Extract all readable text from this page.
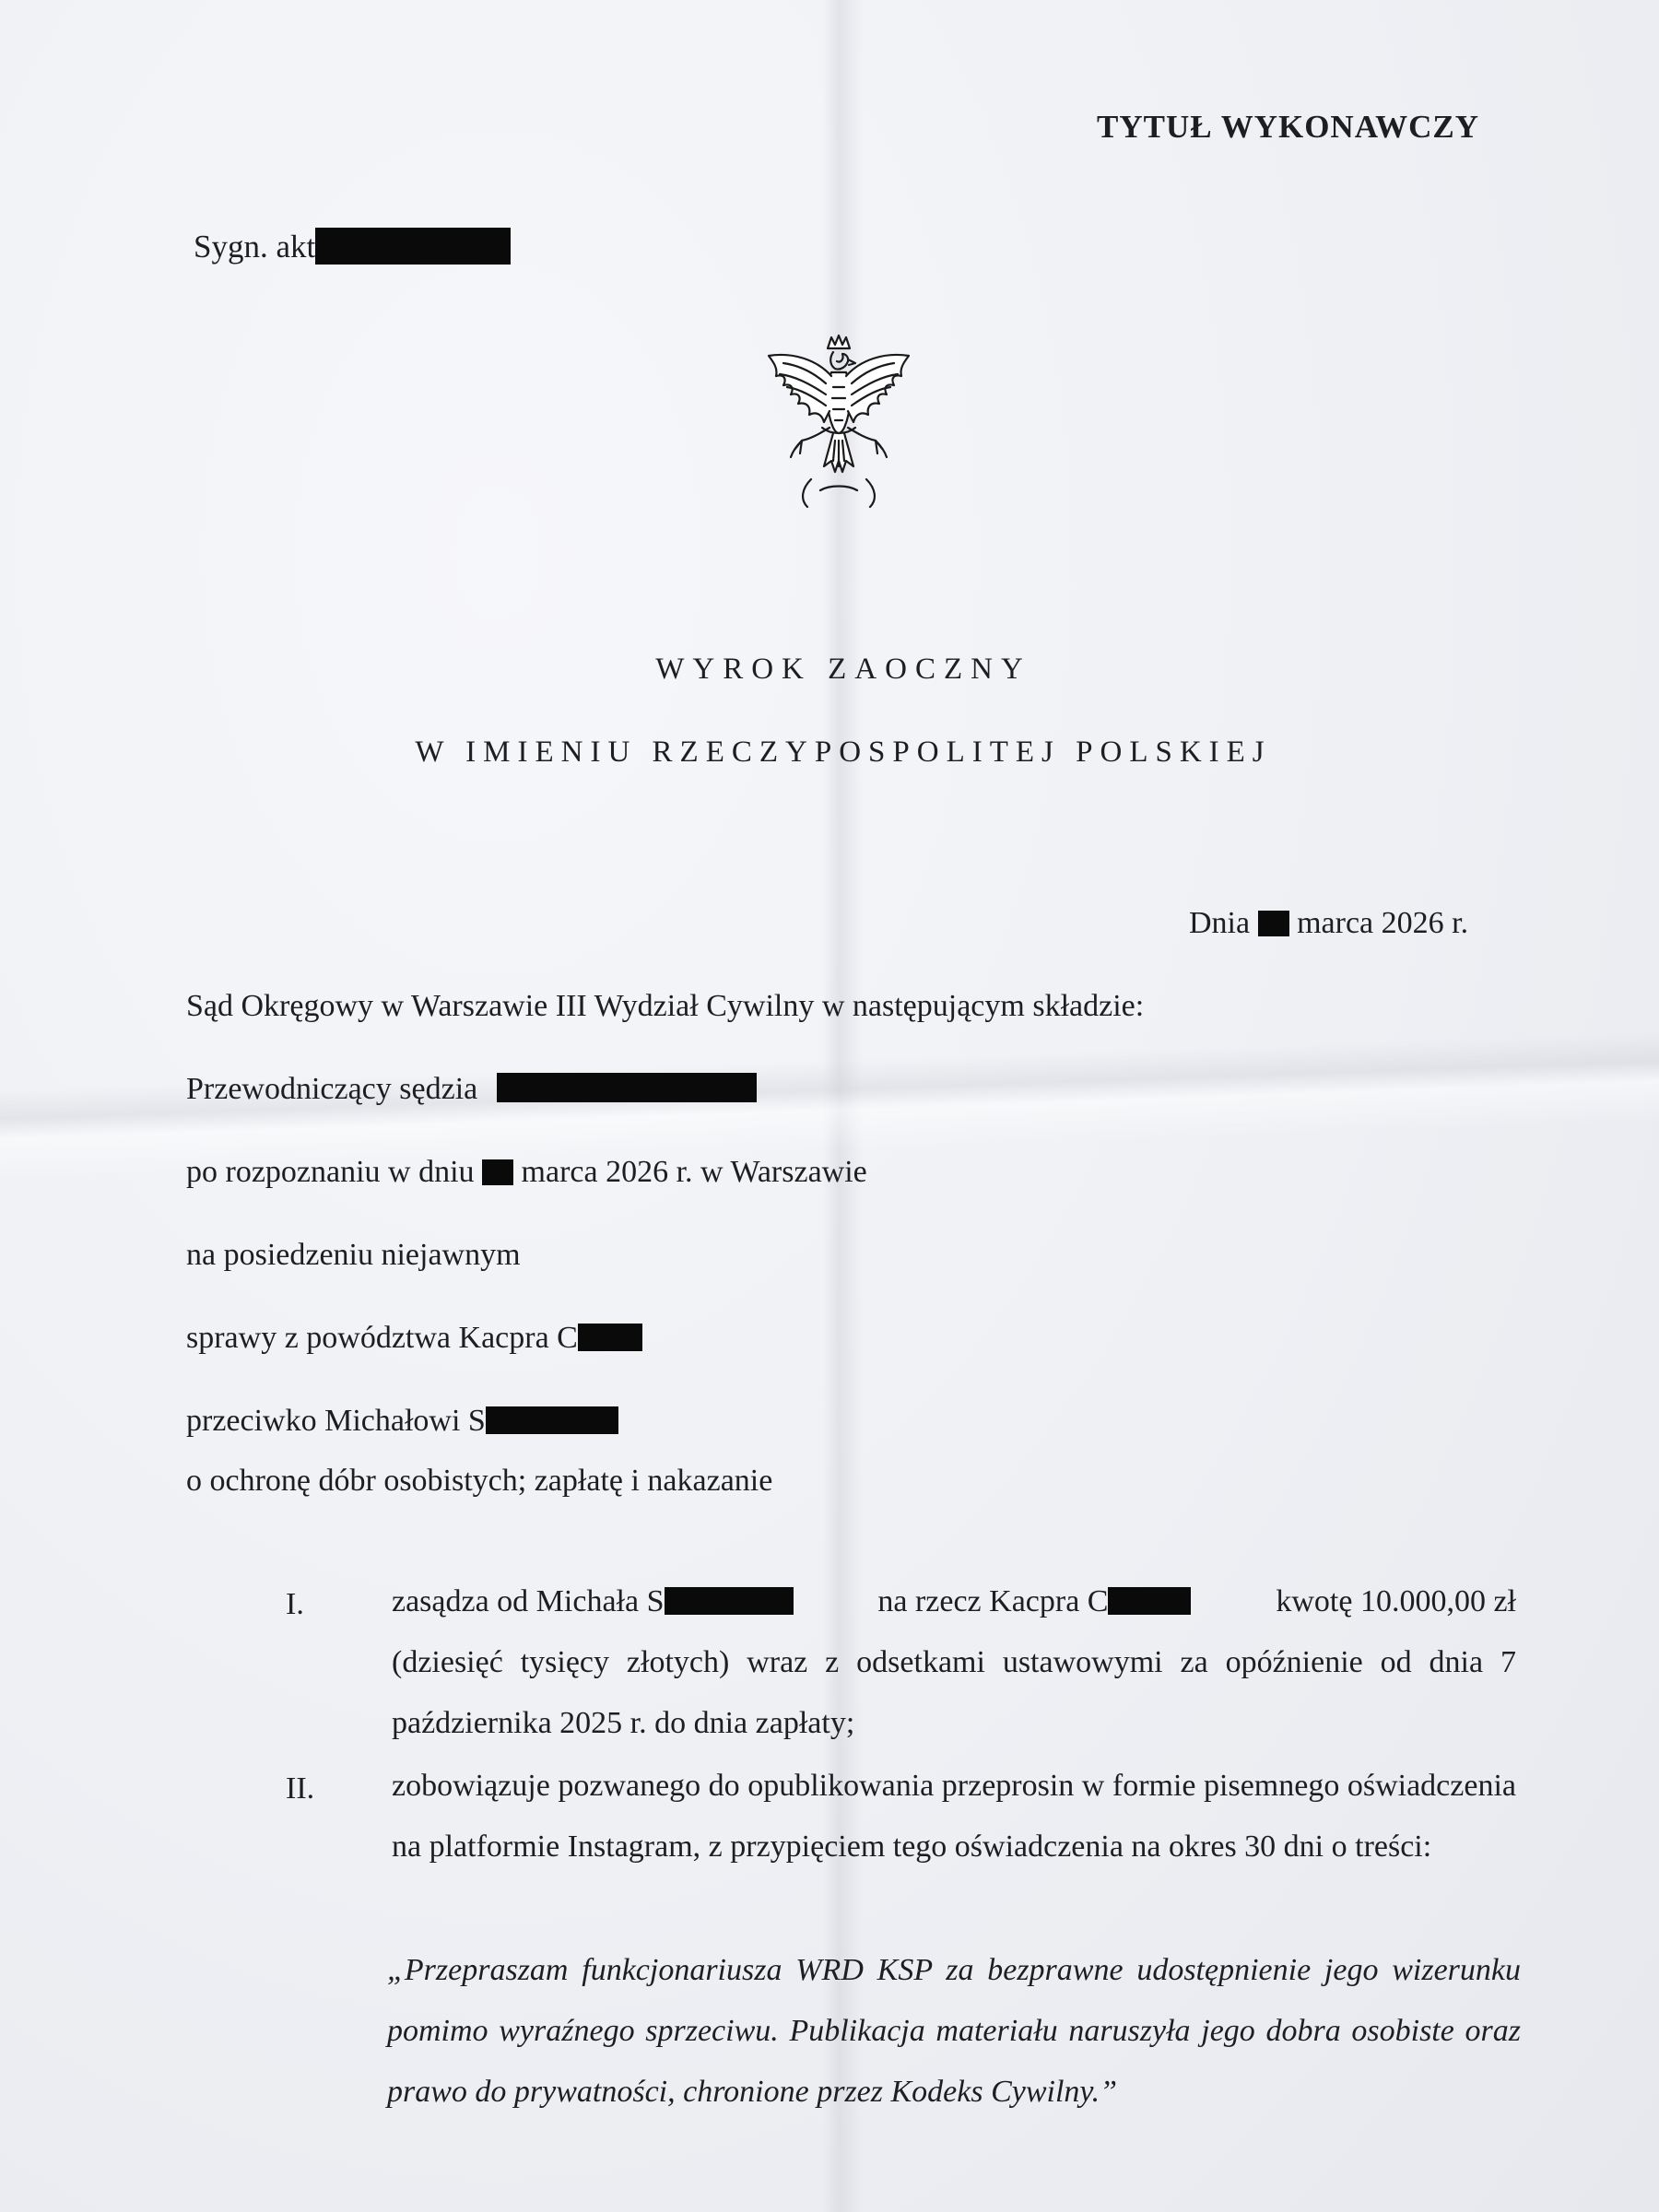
TYTUŁ WYKONAWCZY
Sygn. akt
WYROK ZAOCZNY
W IMIENIU RZECZYPOSPOLITEJ POLSKIEJ
Dnia marca 2026 r.
Sąd Okręgowy w Warszawie III Wydział Cywilny w następującym składzie:
Przewodniczący sędzia
po rozpoznaniu w dniu marca 2026 r. w Warszawie
na posiedzeniu niejawnym
sprawy z powództwa Kacpra C
przeciwko Michałowi S
o ochronę dóbr osobistych; zapłatę i nakazanie
I.	zasądza od Michała S	na rzecz Kacpra C	kwotę 10.000,00 zł
(dziesięć tysięcy złotych) wraz z odsetkami ustawowymi za opóźnienie od dnia 7 października 2025 r. do dnia zapłaty;
II. zobowiązuje pozwanego do opublikowania przeprosin w formie pisemnego oświadczenia na platformie Instagram, z przypięciem tego oświadczenia na okres 30 dni o treści:
„Przepraszam funkcjonariusza WRD KSP za bezprawne udostępnienie jego wizerunku pomimo wyraźnego sprzeciwu. Publikacja materiału naruszyła jego dobra osobiste oraz prawo do prywatności, chronione przez Kodeks Cywilny.”
